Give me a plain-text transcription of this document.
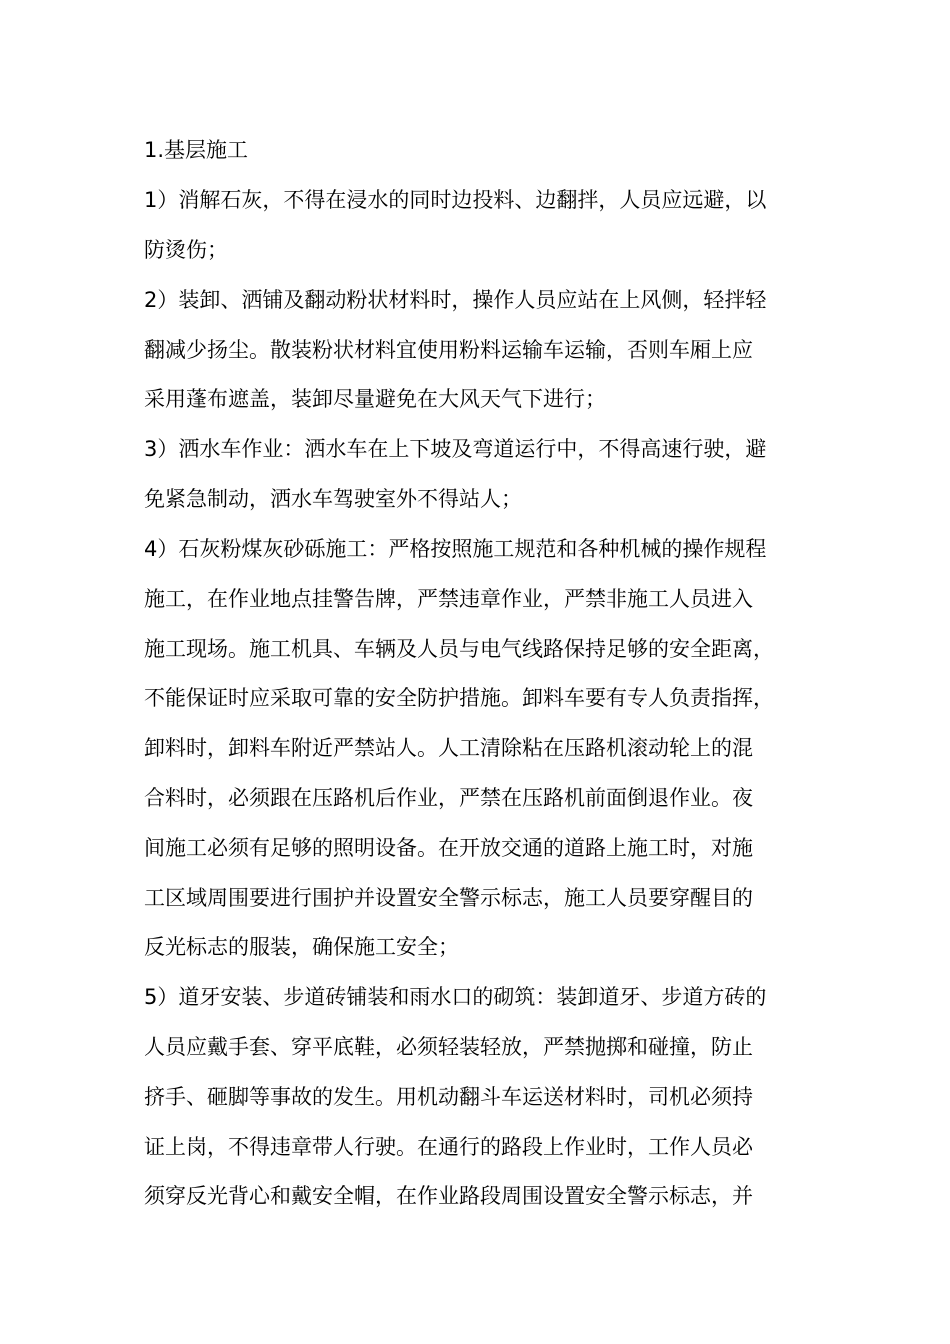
1.基层施工
1）消解石灰，不得在浸水的同时边投料、边翻拌，人员应远避，以
防烫伤；
2）装卸、洒铺及翻动粉状材料时，操作人员应站在上风侧，轻拌轻
翻减少扬尘。散装粉状材料宜使用粉料运输车运输，否则车厢上应
采用蓬布遮盖，装卸尽量避免在大风天气下进行；
3）洒水车作业：洒水车在上下坡及弯道运行中，不得高速行驶，避
免紧急制动，洒水车驾驶室外不得站人；
4）石灰粉煤灰砂砾施工：严格按照施工规范和各种机械的操作规程
施工，在作业地点挂警告牌，严禁违章作业，严禁非施工人员进入
施工现场。施工机具、车辆及人员与电气线路保持足够的安全距离，
不能保证时应采取可靠的安全防护措施。卸料车要有专人负责指挥，
卸料时，卸料车附近严禁站人。人工清除粘在压路机滚动轮上的混
合料时，必须跟在压路机后作业，严禁在压路机前面倒退作业。夜
间施工必须有足够的照明设备。在开放交通的道路上施工时，对施
工区域周围要进行围护并设置安全警示标志，施工人员要穿醒目的
反光标志的服装，确保施工安全；
5）道牙安装、步道砖铺装和雨水口的砌筑：装卸道牙、步道方砖的
人员应戴手套、穿平底鞋，必须轻装轻放，严禁抛掷和碰撞，防止
挤手、砸脚等事故的发生。用机动翻斗车运送材料时，司机必须持
证上岗，不得违章带人行驶。在通行的路段上作业时，工作人员必
须穿反光背心和戴安全帽，在作业路段周围设置安全警示标志，并
